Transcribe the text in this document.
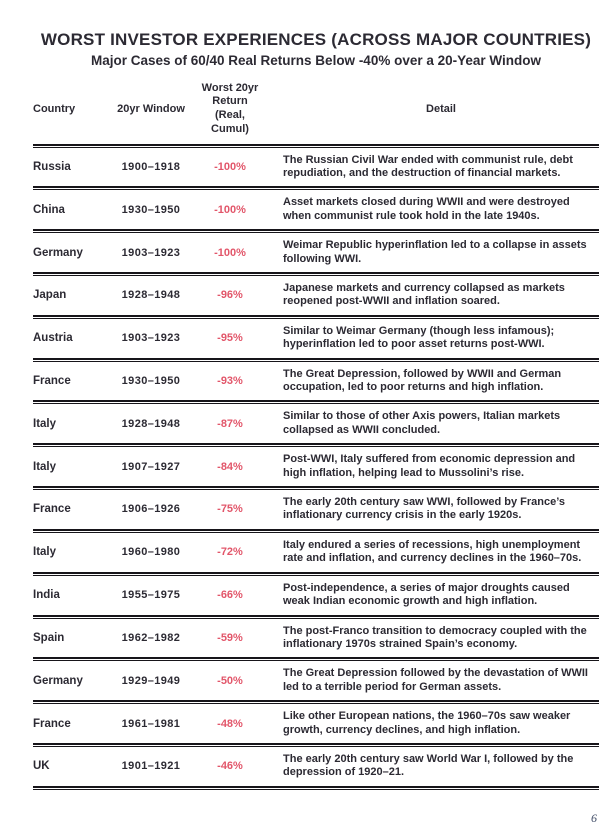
WORST INVESTOR EXPERIENCES (ACROSS MAJOR COUNTRIES)
Major Cases of 60/40 Real Returns Below -40% over a 20-Year Window
Country	20yr Window
Worst 20yr
Return
(Real, Cumul)
Detail
Russia	1900–1918	-100%
The Russian Civil War ended with communist rule, debt repudiation, and the destruction of financial markets.
China	1930–1950	-100%
Asset markets closed during WWII and were destroyed when communist rule took hold in the late 1940s.
Germany	1903–1923	-100%
Weimar Republic hyperinflation led to a collapse in assets following WWI.
Japan	1928–1948	-96%
Japanese markets and currency collapsed as markets reopened post-WWII and inflation soared.
Austria	1903–1923	-95%
Similar to Weimar Germany (though less infamous); hyperinflation led to poor asset returns post-WWI.
France	1930–1950	-93%
The Great Depression, followed by WWII and German occupation, led to poor returns and high inflation.
Italy	1928–1948	-87%
Similar to those of other Axis powers, Italian markets collapsed as WWII concluded.
Italy	1907–1927	-84%
Post-WWI, Italy suffered from economic depression and high inflation, helping lead to Mussolini’s rise.
France	1906–1926	-75%
The early 20th century saw WWI, followed by France’s inflationary currency crisis in the early 1920s.
Italy	1960–1980	-72%
Italy endured a series of recessions, high unemployment rate and inflation, and currency declines in the 1960–70s.
India	1955–1975	-66%
Post-independence, a series of major droughts caused weak Indian economic growth and high inflation.
Spain	1962–1982	-59%
The post-Franco transition to democracy coupled with the inflationary 1970s strained Spain’s economy.
Germany	1929–1949	-50%
The Great Depression followed by the devastation of WWII led to a terrible period for German assets.
France	1961–1981	-48%
Like other European nations, the 1960–70s saw weaker growth, currency declines, and high inflation.
UK	1901–1921	-46%
The early 20th century saw World War I, followed by the depression of 1920–21.
6
